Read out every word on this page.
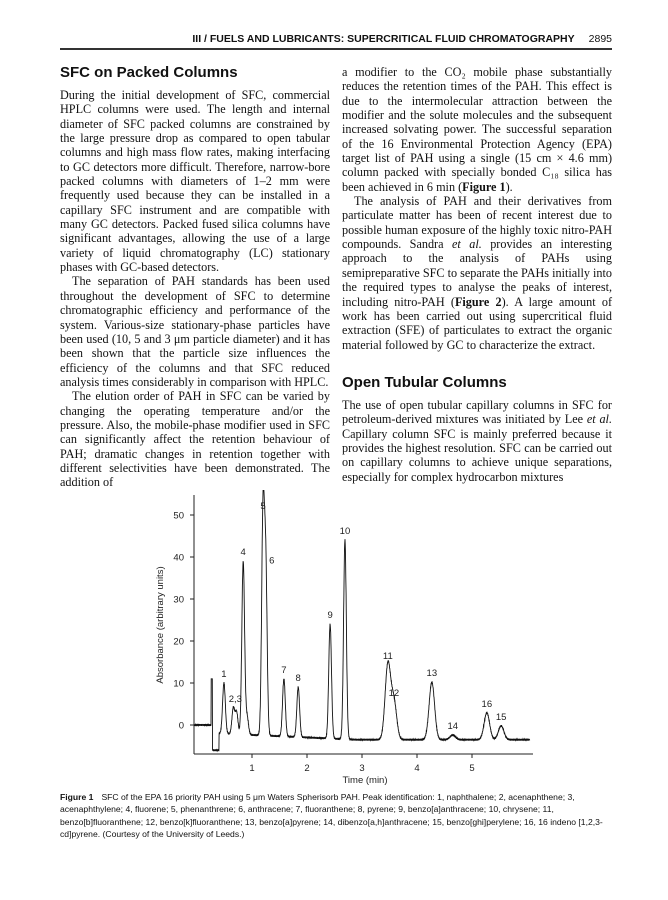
III / FUELS AND LUBRICANTS: SUPERCRITICAL FLUID CHROMATOGRAPHY 2895
SFC on Packed Columns

During the initial development of SFC, commercial HPLC columns were used. The length and internal diameter of SFC packed columns are constrained by the large pressure drop as compared to open tabular columns and high mass flow rates, making interfacing to GC detectors more difficult. Therefore, narrow-bore packed columns with diameters of 1–2 mm were frequently used because they can be installed in a capillary SFC instrument and are compatible with many GC detectors. Packed fused silica columns have significant advantages, allowing the use of a large variety of liquid chromatography (LC) stationary phases with GC-based detectors.

The separation of PAH standards has been used throughout the development of SFC to determine chromatographic efficiency and performance of the system. Various-size stationary-phase particles have been used (10, 5 and 3 μm particle diameter) and it has been shown that the particle size influences the efficiency of the columns and that SFC reduced analysis times considerably in comparison with HPLC.

The elution order of PAH in SFC can be varied by changing the operating temperature and/or the pressure. Also, the mobile-phase modifier used in SFC can significantly affect the retention behaviour of PAH; dramatic changes in retention together with different selectivities have been demonstrated. The addition of

a modifier to the CO₂ mobile phase substantially reduces the retention times of the PAH. This effect is due to the intermolecular attraction between the modifier and the solute molecules and the subsequent increased solvating power. The successful separation of the 16 Environmental Protection Agency (EPA) target list of PAH using a single (15 cm × 4.6 mm) column packed with specially bonded C₁₈ silica has been achieved in 6 min (Figure 1).

The analysis of PAH and their derivatives from particulate matter has been of recent interest due to possible human exposure of the highly toxic nitro-PAH compounds. Sandra et al. provides an interesting approach to the analysis of PAHs using semipreparative SFC to separate the PAHs initially into the required types to analyse the peaks of interest, including nitro-PAH (Figure 2). A large amount of work has been carried out using supercritical fluid extraction (SFE) of particulates to extract the organic material followed by GC to characterize the extract.

Open Tubular Columns

The use of open tubular capillary columns in SFC for petroleum-derived mixtures was initiated by Lee et al. Capillary column SFC is mainly preferred because it provides the highest resolution. SFC can be carried out on capillary columns to achieve unique separations, especially for complex hydrocarbon mixtures

0
10
20
30
40
50
1	2	3	4	5
1
2,3
4
5
6
7
8
9
10
11
12
13
14
16
15
Time (min)
Absorbance (arbitrary units)
Figure 1 SFC of the EPA 16 priority PAH using 5 μm Waters Spherisorb PAH. Peak identification: 1, naphthalene; 2, acenaphthene; 3, acenaphthylene; 4, fluorene; 5, phenanthrene; 6, anthracene; 7, fluoranthene; 8, pyrene; 9, benzo[a]anthracene; 10, chrysene; 11, benzo[b]fluoranthene; 12, benzo[k]fluoranthene; 13, benzo[a]pyrene; 14, dibenzo[a,h]anthracene; 15, benzo[ghi]perylene; 16, 16 indeno [1,2,3-cd]pyrene. (Courtesy of the University of Leeds.)
